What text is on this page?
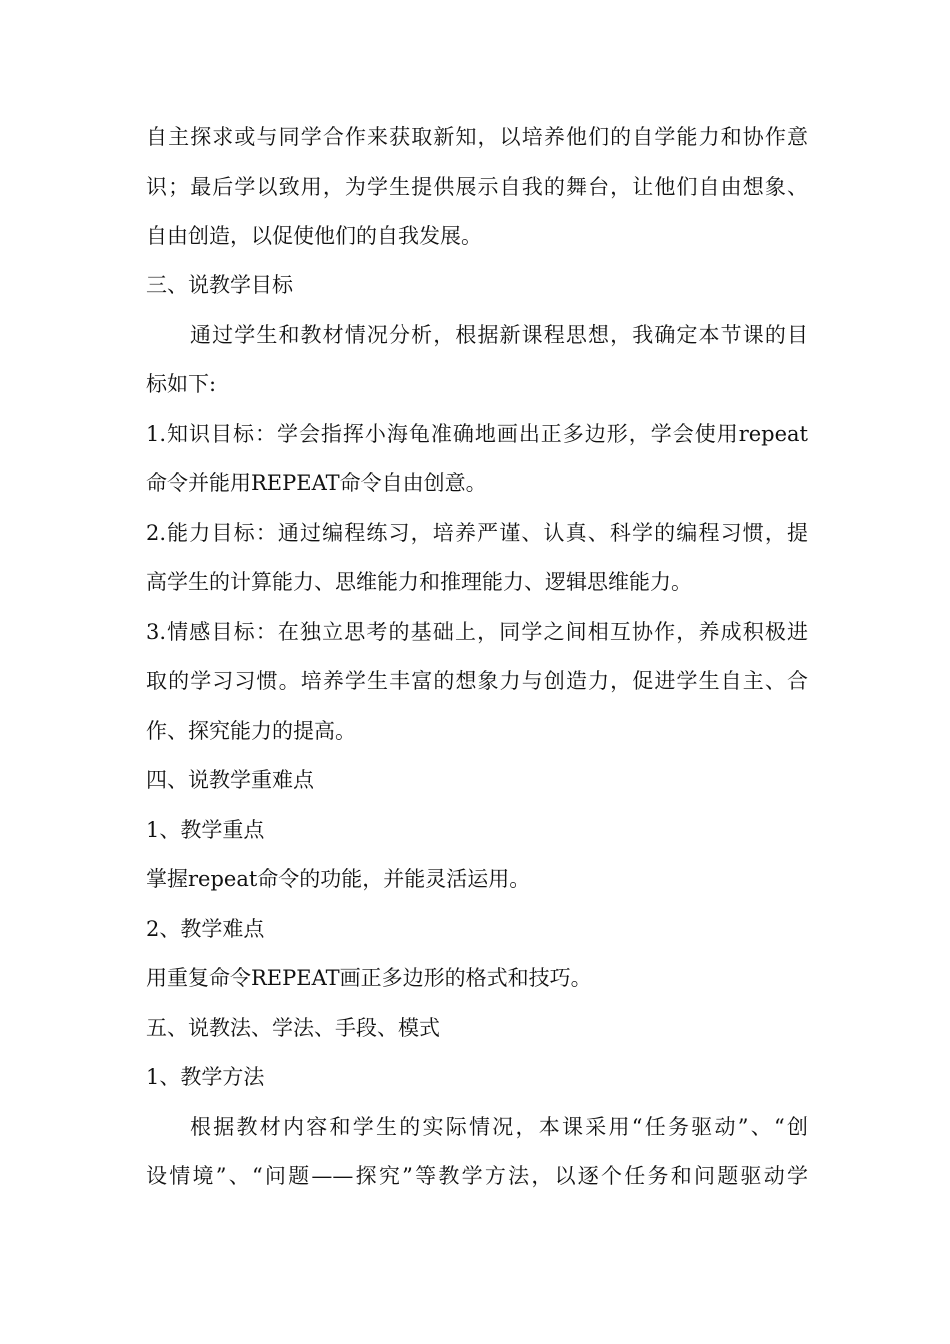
自主探求或与同学合作来获取新知，以培养他们的自学能力和协作意
识；最后学以致用，为学生提供展示自我的舞台，让他们自由想象、
自由创造，以促使他们的自我发展。
三、说教学目标
通过学生和教材情况分析，根据新课程思想，我确定本节课的目
标如下:
1.知识目标：学会指挥小海龟准确地画出正多边形，学会使用repeat
命令并能用REPEAT命令自由创意。
2.能力目标：通过编程练习，培养严谨、认真、科学的编程习惯，提
高学生的计算能力、思维能力和推理能力、逻辑思维能力。
3.情感目标：在独立思考的基础上，同学之间相互协作，养成积极进
取的学习习惯。培养学生丰富的想象力与创造力，促进学生自主、合
作、探究能力的提高。
四、说教学重难点
1、教学重点
掌握repeat命令的功能，并能灵活运用。
2、教学难点
用重复命令REPEAT画正多边形的格式和技巧。
五、说教法、学法、手段、模式
1、教学方法
根据教材内容和学生的实际情况，本课采用“任务驱动”、“创
设情境”、“问题——探究”等教学方法，以逐个任务和问题驱动学
